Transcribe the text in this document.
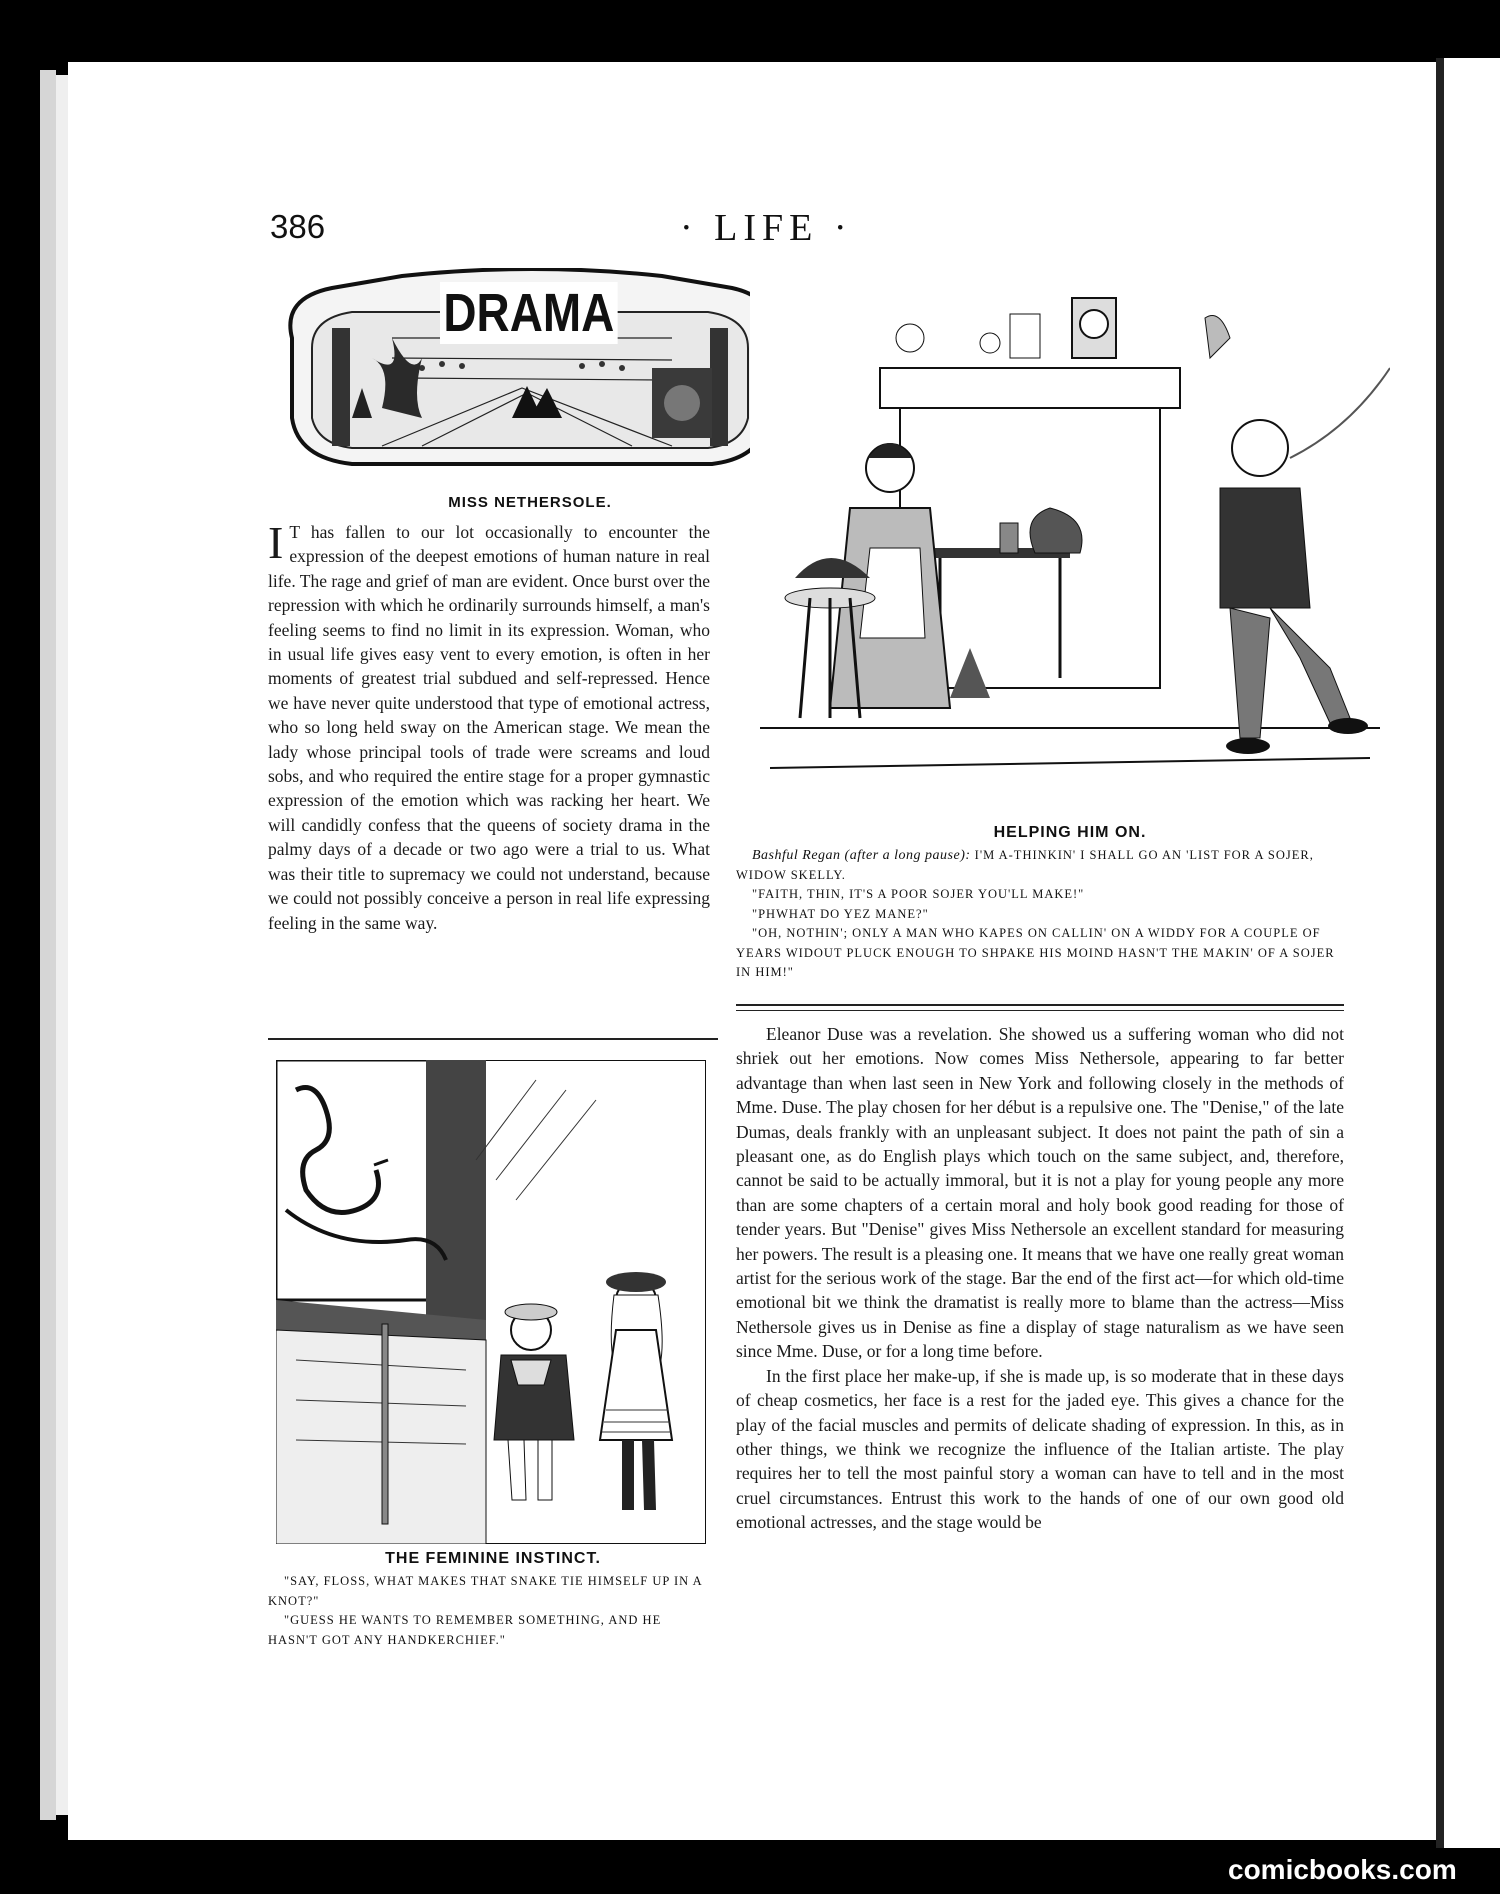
386	· LIFE ·
DRAMA
MISS NETHERSOLE.
I T has fallen to our lot occasionally to encounter the expression of the deepest emotions of human nature in real life. The rage and grief of man are evident. Once burst over the repression with which he ordinarily surrounds himself, a man's feeling seems to find no limit in its expression. Woman, who in usual life gives easy vent to every emotion, is often in her moments of greatest trial subdued and self-repressed. Hence we have never quite understood that type of emotional actress, who so long held sway on the American stage. We mean the lady whose principal tools of trade were screams and loud sobs, and who required the entire stage for a proper gymnastic expression of the emotion which was racking her heart. We will candidly confess that the queens of society drama in the palmy days of a decade or two ago were a trial to us. What was their title to supremacy we could not understand, because we could not possibly conceive a person in real life expressing feeling in the same way.
HELPING HIM ON.

Bashful Regan (after a long pause): I'M A-THINKIN' I SHALL GO AN 'LIST FOR A SOJER, WIDOW SKELLY.

"FAITH, THIN, IT'S A POOR SOJER YOU'LL MAKE!"

"PHWHAT DO YEZ MANE?"

"OH, NOTHIN'; ONLY A MAN WHO KAPES ON CALLIN' ON A WIDDY FOR A COUPLE OF YEARS WIDOUT PLUCK ENOUGH TO SHPAKE HIS MOIND HASN'T THE MAKIN' OF A SOJER IN HIM!"

THE FEMININE INSTINCT.

"SAY, FLOSS, WHAT MAKES THAT SNAKE TIE HIMSELF UP IN A KNOT?"

"GUESS HE WANTS TO REMEMBER SOMETHING, AND HE HASN'T GOT ANY HANDKERCHIEF."

Eleanor Duse was a revelation. She showed us a suffering woman who did not shriek out her emotions. Now comes Miss Nethersole, appearing to far better advantage than when last seen in New York and following closely in the methods of Mme. Duse. The play chosen for her début is a repulsive one. The "Denise," of the late Dumas, deals frankly with an unpleasant subject. It does not paint the path of sin a pleasant one, as do English plays which touch on the same subject, and, therefore, cannot be said to be actually immoral, but it is not a play for young people any more than are some chapters of a certain moral and holy book good reading for those of tender years. But "Denise" gives Miss Nethersole an excellent standard for measuring her powers. The result is a pleasing one. It means that we have one really great woman artist for the serious work of the stage. Bar the end of the first act—for which old-time emotional bit we think the dramatist is really more to blame than the actress—Miss Nethersole gives us in Denise as fine a display of stage naturalism as we have seen since Mme. Duse, or for a long time before.

In the first place her make-up, if she is made up, is so moderate that in these days of cheap cosmetics, her face is a rest for the jaded eye. This gives a chance for the play of the facial muscles and permits of delicate shading of expression. In this, as in other things, we think we recognize the influence of the Italian artiste. The play requires her to tell the most painful story a woman can have to tell and in the most cruel circumstances. Entrust this work to the hands of one of our own good old emotional actresses, and the stage would be

comicbooks.com
